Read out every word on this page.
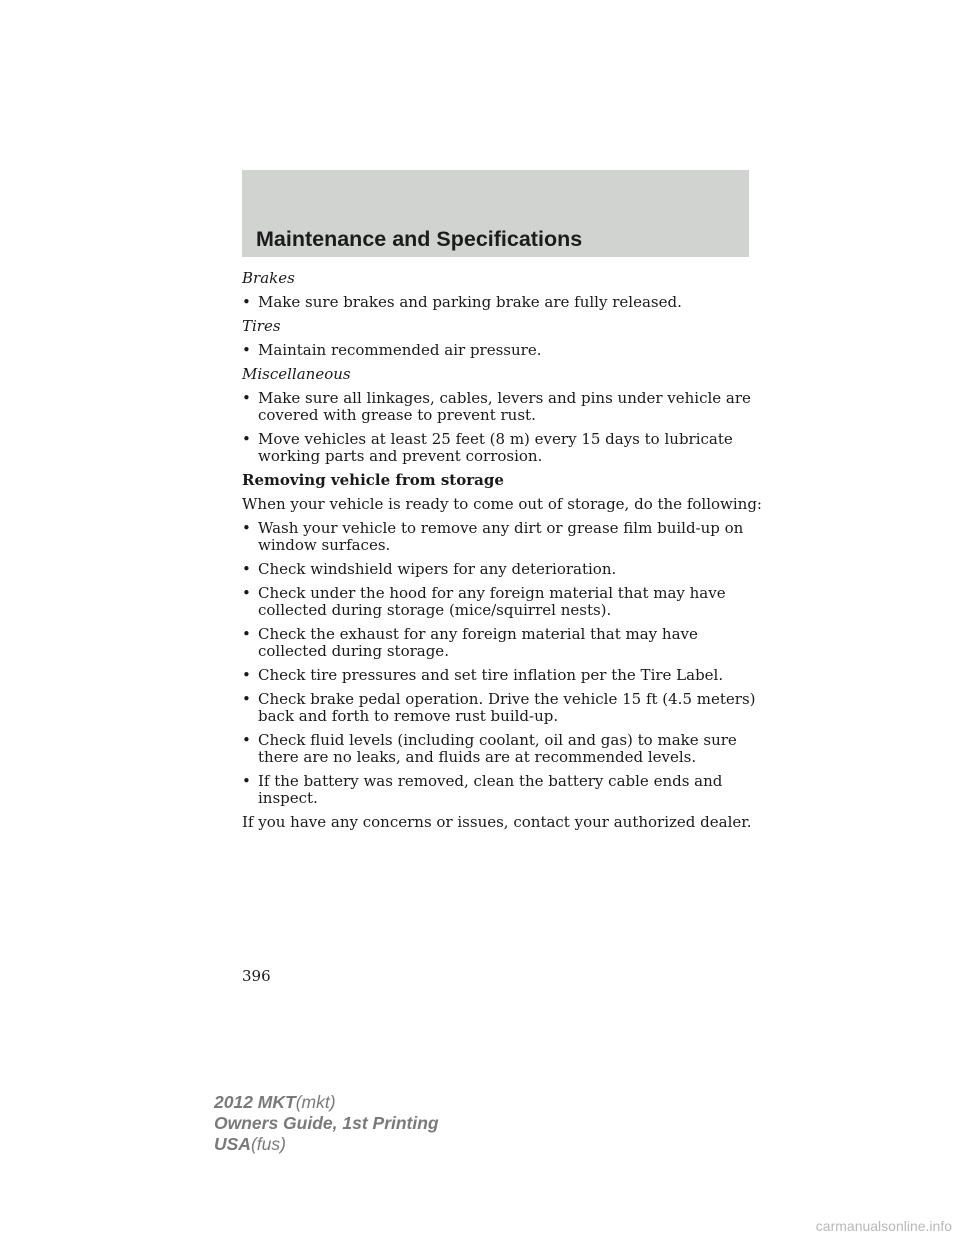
Maintenance and Specifications

Brakes

• Make sure brakes and parking brake are fully released.

Tires

• Maintain recommended air pressure.

Miscellaneous

• Make sure all linkages, cables, levers and pins under vehicle are covered with grease to prevent rust.
• Move vehicles at least 25 feet (8 m) every 15 days to lubricate working parts and prevent corrosion.

Removing vehicle from storage

When your vehicle is ready to come out of storage, do the following:

• Wash your vehicle to remove any dirt or grease film build-up on window surfaces.
• Check windshield wipers for any deterioration.
• Check under the hood for any foreign material that may have collected during storage (mice/squirrel nests).
• Check the exhaust for any foreign material that may have collected during storage.
• Check tire pressures and set tire inflation per the Tire Label.
• Check brake pedal operation. Drive the vehicle 15 ft (4.5 meters) back and forth to remove rust build-up.
• Check fluid levels (including coolant, oil and gas) to make sure there are no leaks, and fluids are at recommended levels.
• If the battery was removed, clean the battery cable ends and inspect.

If you have any concerns or issues, contact your authorized dealer.

396
2012 MKT(mkt)
Owners Guide, 1st Printing
USA(fus)
carmanualsonline.info
